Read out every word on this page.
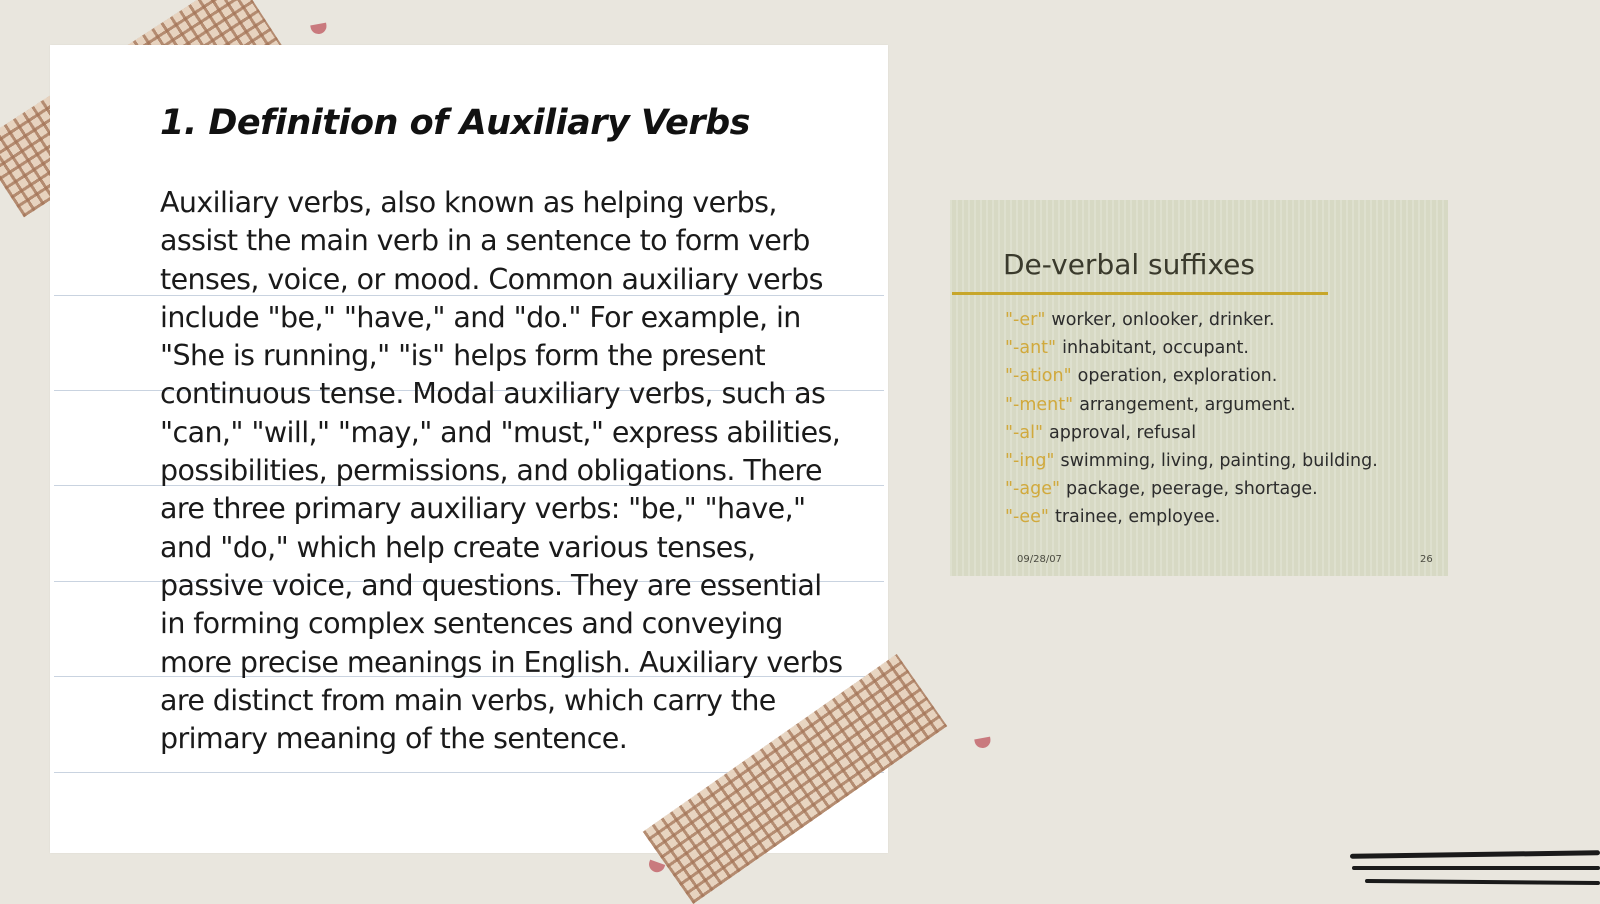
1. Definition of Auxiliary Verbs

Auxiliary verbs, also known as helping verbs, assist the main verb in a sentence to form verb tenses, voice, or mood. Common auxiliary verbs include "be," "have," and "do." For example, in "She is running," "is" helps form the present continuous tense. Modal auxiliary verbs, such as "can," "will," "may," and "must," express abilities, possibilities, permissions, and obligations. There are three primary auxiliary verbs: "be," "have," and "do," which help create various tenses, passive voice, and questions. They are essential in forming complex sentences and conveying more precise meanings in English. Auxiliary verbs are distinct from main verbs, which carry the primary meaning of the sentence.

De-verbal suffixes
"-er" worker, onlooker, drinker.
"-ant" inhabitant, occupant.
"-ation" operation, exploration.
"-ment" arrangement, argument.
"-al" approval, refusal
"-ing" swimming, living, painting, building.
"-age" package, peerage, shortage.
"-ee" trainee, employee.
09/28/07	26
